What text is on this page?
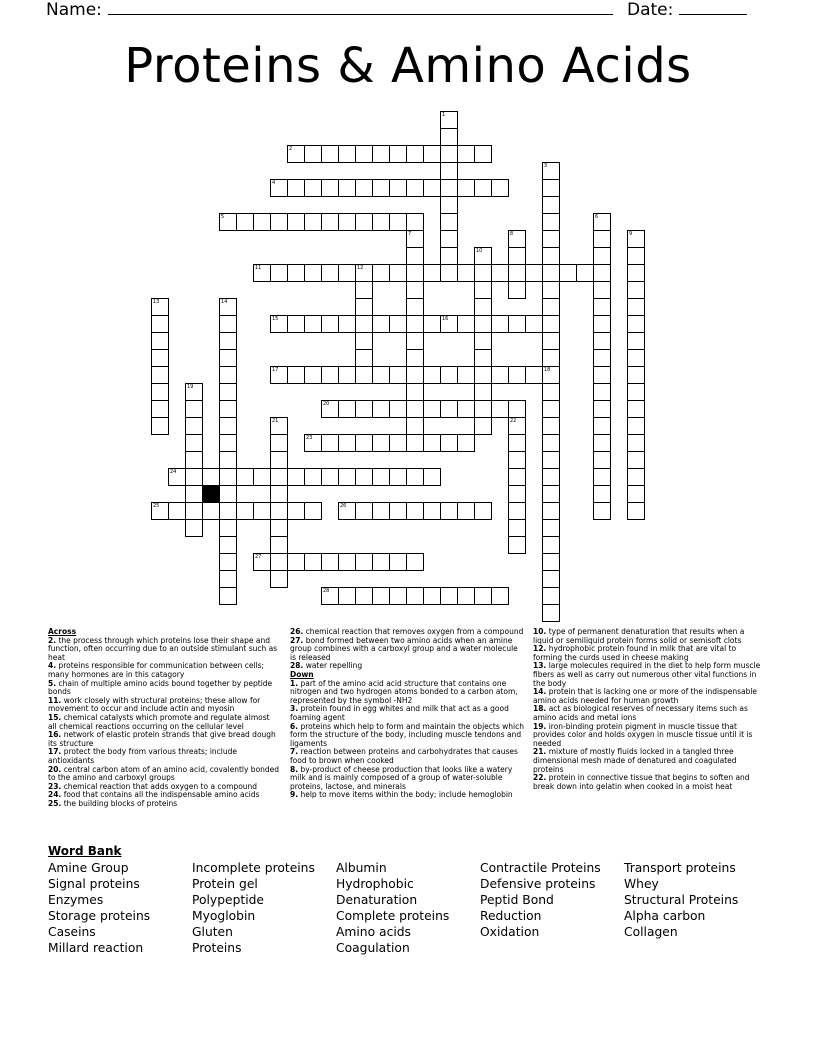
Name:	Date:
Proteins & Amino Acids
1
2
3
18
4
5	6
7	8	9
10
11	12
13	14
15	16
17
19
20
21	22
23
24
25	26
27
28
Across
2. the process through which proteins lose their shape and function, often occurring due to an outside stimulant such as heat
4. proteins responsible for communication between cells; many hormones are in this catagory
5. chain of multiple amino acids bound together by peptide bonds
11. work closely with structural proteins; these allow for movement to occur and include actin and myosin
15. chemical catalysts which promote and regulate almost all chemical reactions occurring on the cellular level
16. network of elastic protein strands that give bread dough its structure
17. protect the body from various threats; include antioxidants
20. central carbon atom of an amino acid, covalently bonded to the amino and carboxyl groups
23. chemical reaction that adds oxygen to a compound
24. food that contains all the indispensable amino acids
25. the building blocks of proteins
26. chemical reaction that removes oxygen from a compound
27. bond formed between two amino acids when an amine group combines with a carboxyl group and a water molecule is released
28. water repelling
Down
1. part of the amino acid acid structure that contains one nitrogen and two hydrogen atoms bonded to a carbon atom, represented by the symbol -NH2
3. protein found in egg whites and milk that act as a good foaming agent
6. proteins which help to form and maintain the objects which form the structure of the body, including muscle tendons and ligaments
7. reaction between proteins and carbohydrates that causes food to brown when cooked
8. by-product of cheese production that looks like a watery milk and is mainly composed of a group of water-soluble proteins, lactose, and minerals
9. help to move items within the body; include hemoglobin
10. type of permanent denaturation that results when a liquid or semiliquid protein forms solid or semisoft clots
12. hydrophobic protein found in milk that are vital to forming the curds used in cheese making
13. large molecules required in the diet to help form muscle fibers as well as carry out numerous other vital functions in the body
14. protein that is lacking one or more of the indispensable amino acids needed for human growth
18. act as biological reserves of necessary items such as amino acids and metal ions
19. iron-binding protein pigment in muscle tissue that provides color and holds oxygen in muscle tissue until it is needed
21. mixture of mostly fluids locked in a tangled three dimensional mesh made of denatured and coagulated proteins
22. protein in connective tissue that begins to soften and break down into gelatin when cooked in a moist heat
Word Bank
Amine Group
Signal proteins
Enzymes
Storage proteins
Caseins
Millard reaction
Incomplete proteins
Protein gel
Polypeptide
Myoglobin
Gluten
Proteins
Albumin
Hydrophobic
Denaturation
Complete proteins
Amino acids
Coagulation
Contractile Proteins
Defensive proteins
Peptid Bond
Reduction
Oxidation
Transport proteins
Whey
Structural Proteins
Alpha carbon
Collagen
